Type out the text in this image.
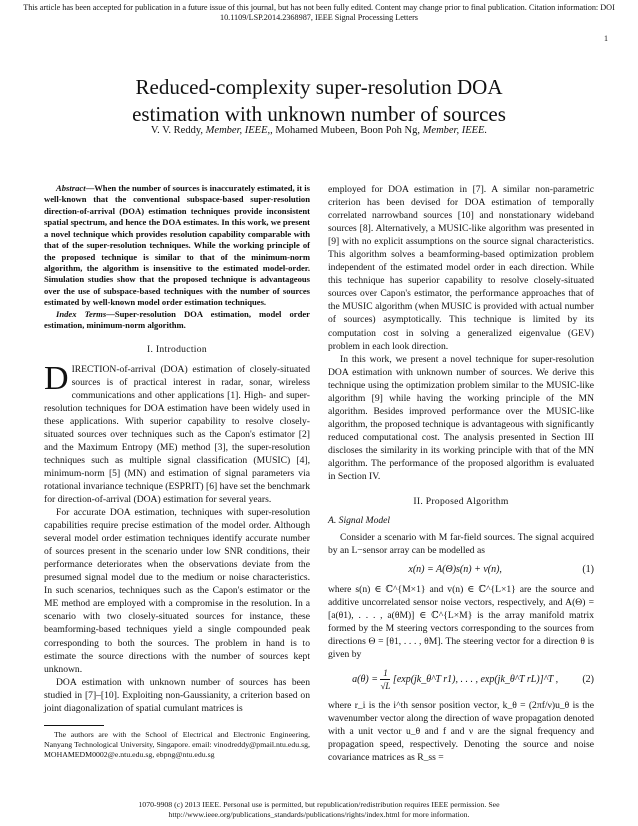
This article has been accepted for publication in a future issue of this journal, but has not been fully edited. Content may change prior to final publication. Citation information: DOI
10.1109/LSP.2014.2368987, IEEE Signal Processing Letters
1
Reduced-complexity super-resolution DOA
estimation with unknown number of sources
V. V. Reddy, Member, IEEE,, Mohamed Mubeen, Boon Poh Ng, Member, IEEE.

Abstract—When the number of sources is inaccurately estimated, it is well-known that the conventional subspace-based super-resolution direction-of-arrival (DOA) estimation techniques provide inconsistent spatial spectrum, and hence the DOA estimates. In this work, we present a novel technique which provides resolution capability comparable with that of the super-resolution techniques. While the working principle of the proposed technique is similar to that of the minimum-norm algorithm, the algorithm is insensitive to the estimated model-order. Simulation studies show that the proposed technique is advantageous over the use of subspace-based techniques with the number of sources estimated by well-known model order estimation techniques.

Index Terms—Super-resolution DOA estimation, model order estimation, minimum-norm algorithm.

I. Introduction

DIRECTION-of-arrival (DOA) estimation of closely-situated sources is of practical interest in radar, sonar, wireless communications and other applications [1]. High- and super-resolution techniques for DOA estimation have been widely used in these applications. With superior capability to resolve closely-situated sources over techniques such as the Capon's estimator [2] and the Maximum Entropy (ME) method [3], the super-resolution techniques such as multiple signal classification (MUSIC) [4], minimum-norm [5] (MN) and estimation of signal parameters via rotational invariance technique (ESPRIT) [6] have set the benchmark for direction-of-arrival (DOA) estimation for several years.

For accurate DOA estimation, techniques with super-resolution capabilities require precise estimation of the model order. Although several model order estimation techniques identify accurate number of sources present in the scenario under low SNR conditions, their performance deteriorates when the observations deviate from the presumed signal model due to the medium or noise characteristics. In such scenarios, techniques such as the Capon's estimator or the ME method are employed with a compromise in the resolution. In a scenario with two closely-situated sources for instance, these beamforming-based techniques yield a single compounded peak corresponding to both the sources. The problem in hand is to estimate the source directions with the number of sources kept unknown.

DOA estimation with unknown number of sources has been studied in [7]–[10]. Exploiting non-Gaussianity, a criterion based on joint diagonalization of spatial cumulant matrices is

The authors are with the School of Electrical and Electronic Engineering, Nanyang Technological University, Singapore. email: vinodreddy@pmail.ntu.edu.sg, MOHAMEDM0002@e.ntu.edu.sg, ebpng@ntu.edu.sg

employed for DOA estimation in [7]. A similar non-parametric criterion has been devised for DOA estimation of temporally correlated narrowband sources [10] and nonstationary wideband sources [8]. Alternatively, a MUSIC-like algorithm was presented in [9] with no explicit assumptions on the source signal characteristics. This algorithm solves a beamforming-based optimization problem independent of the estimated model order in each direction. While this technique has superior capability to resolve closely-situated sources over Capon's estimator, the performance approaches that of the MUSIC algorithm (when MUSIC is provided with actual number of sources) asymptotically. This technique is limited by its computation cost in solving a generalized eigenvalue (GEV) problem in each look direction.

In this work, we present a novel technique for super-resolution DOA estimation with unknown number of sources. We derive this technique using the optimization problem similar to the MUSIC-like algorithm [9] while having the working principle of the MN algorithm. Besides improved performance over the MUSIC-like algorithm, the proposed technique is advantageous with significantly reduced computational cost. The analysis presented in Section III discloses the similarity in its working principle with that of the MN algorithm. The performance of the proposed algorithm is evaluated in Section IV.

II. Proposed Algorithm
A. Signal Model

Consider a scenario with M far-field sources. The signal acquired by an L−sensor array can be modelled as

x(n) = A(Θ)s(n) + v(n),	(1)

where s(n) ∈ ℂ^{M×1} and v(n) ∈ ℂ^{L×1} are the source and additive uncorrelated sensor noise vectors, respectively, and A(Θ) = [a(θ1), . . . , a(θM)] ∈ ℂ^{L×M} is the array manifold matrix formed by the M steering vectors corresponding to the sources from directions Θ = [θ1, . . . , θM]. The steering vector for a direction θ is given by

$a(\theta) = \frac{1}{√L}$ [exp(jk_θ^T r1), . . . , exp(jk_θ^T rL)]^T ,	(2)

where r_i is the i^th sensor position vector, k_θ = (2πf/ν)u_θ is the wavenumber vector along the direction of wave propagation denoted with a unit vector u_θ and f and ν are the signal frequency and propagation speed, respectively. Denoting the source and noise covariance matrices as R_ss =

1070-9908 (c) 2013 IEEE. Personal use is permitted, but republication/redistribution requires IEEE permission. See
http://www.ieee.org/publications_standards/publications/rights/index.html for more information.
